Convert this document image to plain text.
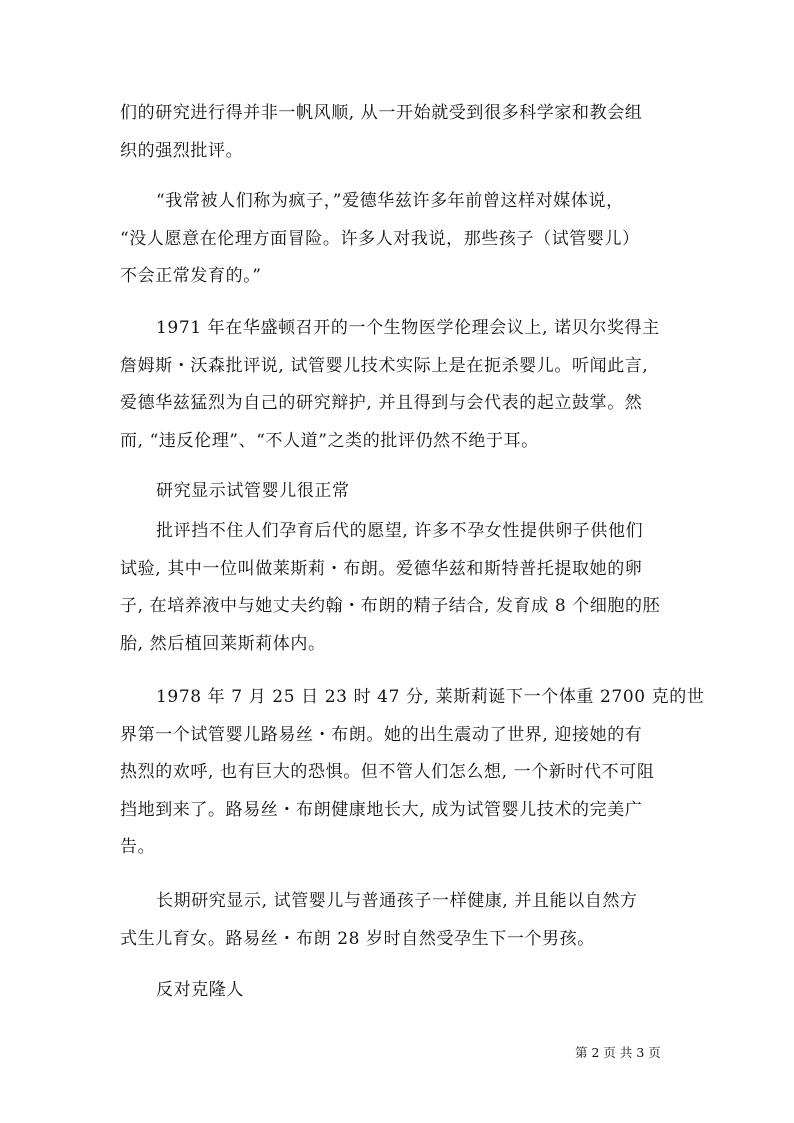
们的研究进行得并非一帆风顺, 从一开始就受到很多科学家和教会组
织的强烈批评。

“我常被人们称为疯子，”爱德华兹许多年前曾这样对媒体说，
“没人愿意在伦理方面冒险。许多人对我说，那些孩子（试管婴儿）
不会正常发育的。”

1971 年在华盛顿召开的一个生物医学伦理会议上, 诺贝尔奖得主
詹姆斯・沃森批评说, 试管婴儿技术实际上是在扼杀婴儿。听闻此言,
爱德华兹猛烈为自己的研究辩护, 并且得到与会代表的起立鼓掌。然
而, “违反伦理”、“不人道”之类的批评仍然不绝于耳。

研究显示试管婴儿很正常

批评挡不住人们孕育后代的愿望, 许多不孕女性提供卵子供他们
试验, 其中一位叫做莱斯莉・布朗。爱德华兹和斯特普托提取她的卵
子, 在培养液中与她丈夫约翰・布朗的精子结合, 发育成 8 个细胞的胚
胎, 然后植回莱斯莉体内。

1978 年 7 月 25 日 23 时 47 分, 莱斯莉诞下一个体重 2700 克的世
界第一个试管婴儿路易丝・布朗。她的出生震动了世界, 迎接她的有
热烈的欢呼, 也有巨大的恐惧。但不管人们怎么想, 一个新时代不可阻
挡地到来了。路易丝・布朗健康地长大, 成为试管婴儿技术的完美广
告。

长期研究显示, 试管婴儿与普通孩子一样健康, 并且能以自然方
式生儿育女。路易丝・布朗 28 岁时自然受孕生下一个男孩。

反对克隆人

第 2 页 共 3 页
